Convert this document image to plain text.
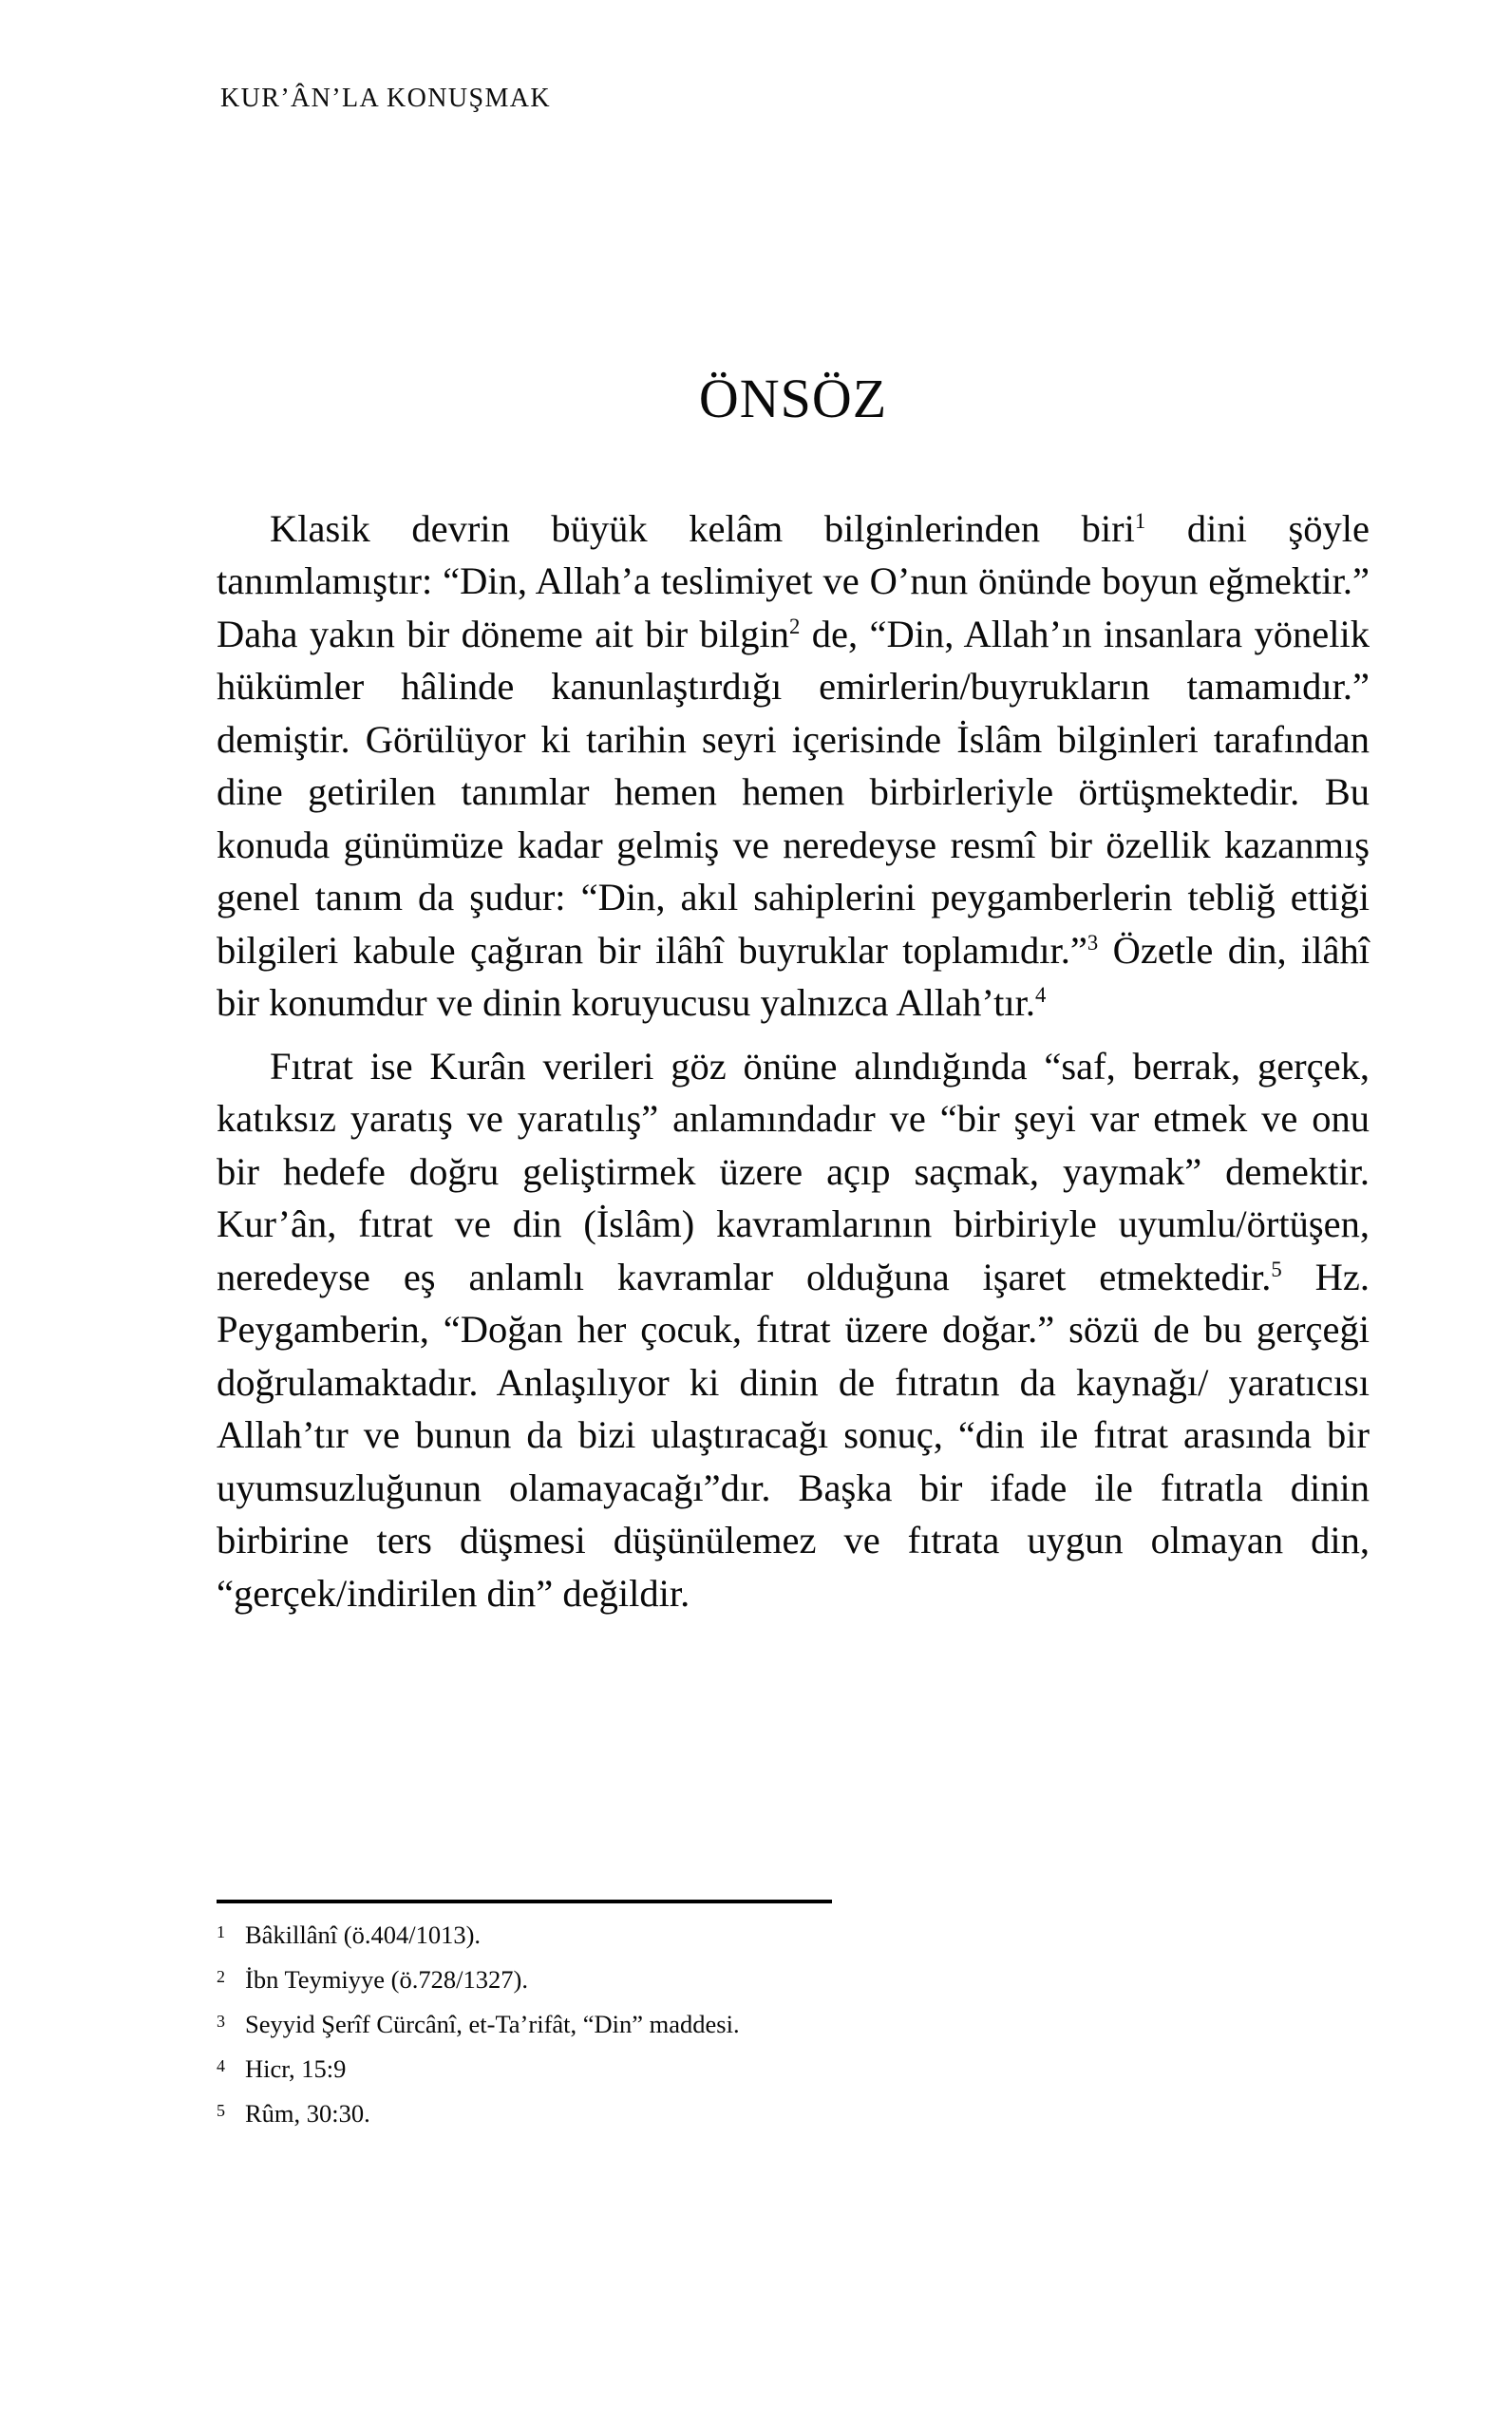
KUR’ÂN’LA KONUŞMAK
ÖNSÖZ

Klasik devrin büyük kelâm bilginlerinden biri$^1$ dini şöyle tanımlamıştır: “Din, Allah’a teslimiyet ve O’nun önünde boyun eğmektir.” Daha yakın bir döneme ait bir bilgin$^2$ de, “Din, Allah’ın insanlara yönelik hükümler hâlinde kanunlaştırdığı emirlerin/buyrukların tamamıdır.” demiştir. Görülüyor ki tarihin seyri içerisinde İslâm bilginleri tarafından dine getirilen tanımlar hemen hemen birbirleriyle örtüşmektedir. Bu konuda günümüze kadar gelmiş ve neredeyse resmî bir özellik kazanmış genel tanım da şudur: “Din, akıl sahiplerini peygamberlerin tebliğ ettiği bilgileri kabule çağıran bir ilâhî buyruklar toplamıdır.”$^3$ Özetle din, ilâhî bir konumdur ve dinin koruyucusu yalnızca Allah’tır.$^4$

Fıtrat ise Kurân verileri göz önüne alındığında “saf, berrak, gerçek, katıksız yaratış ve yaratılış” anlamındadır ve “bir şeyi var etmek ve onu bir hedefe doğru geliştirmek üzere açıp saçmak, yaymak” demektir. Kur’ân, fıtrat ve din (İslâm) kavramlarının birbiriyle uyumlu/örtüşen, neredeyse eş anlamlı kavramlar olduğuna işaret etmektedir.$^5$ Hz. Peygamberin, “Doğan her çocuk, fıtrat üzere doğar.” sözü de bu gerçeği doğrulamaktadır. Anlaşılıyor ki dinin de fıtratın da kaynağı/ yaratıcısı Allah’tır ve bunun da bizi ulaştıracağı sonuç, “din ile fıtrat arasında bir uyumsuzluğunun olamayacağı”dır. Başka bir ifade ile fıtratla dinin birbirine ters düşmesi düşünülemez ve fıtrata uygun olmayan din, “gerçek/indirilen din” değildir.

1 Bâkillânî (ö.404/1013).
2 İbn Teymiyye (ö.728/1327).
3 Seyyid Şerîf Cürcânî, et-Ta’rifât, “Din” maddesi.
4 Hicr, 15:9
5 Rûm, 30:30.
